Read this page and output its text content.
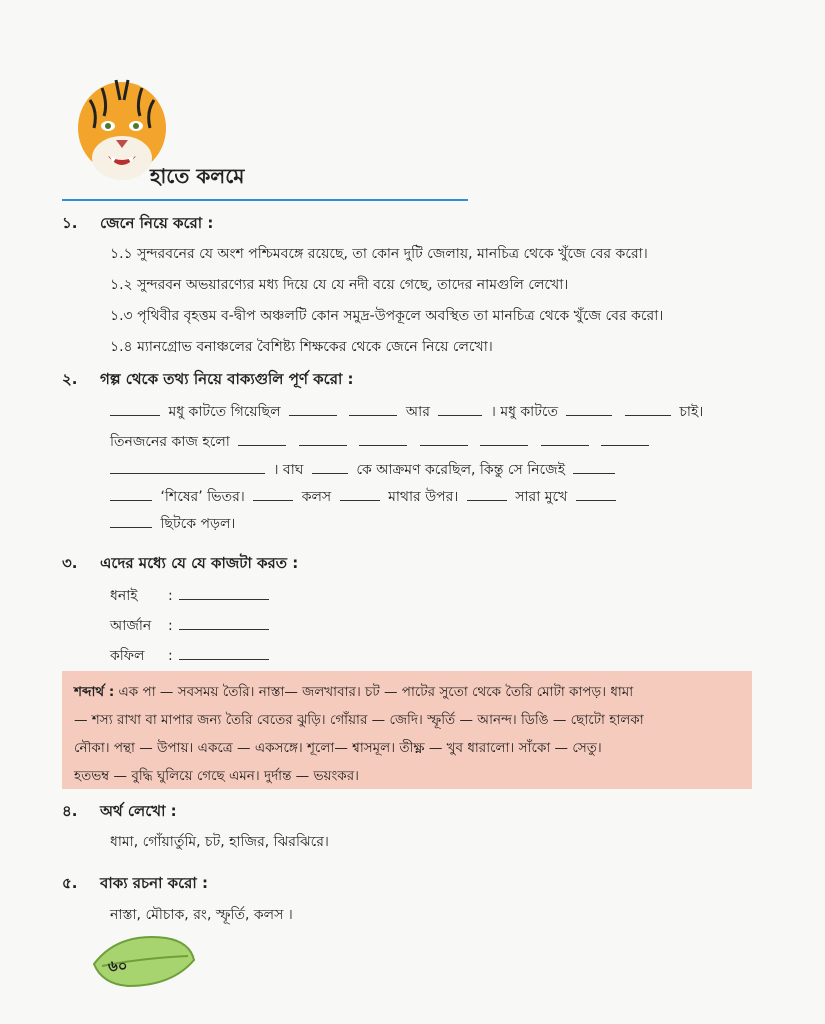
হাতে কলমে
১. জেনে নিয়ে করো :
১.১ সুন্দরবনের যে অংশ পশ্চিমবঙ্গে রয়েছে, তা কোন দুটি জেলায়, মানচিত্র থেকে খুঁজে বের করো।
১.২ সুন্দরবন অভয়ারণ্যের মধ্য দিয়ে যে যে নদী বয়ে গেছে, তাদের নামগুলি লেখো।
১.৩ পৃথিবীর বৃহত্তম ব-দ্বীপ অঞ্চলটি কোন সমুদ্র-উপকূলে অবস্থিত তা মানচিত্র থেকে খুঁজে বের করো।
১.৪ ম্যানগ্রোভ বনাঞ্চলের বৈশিষ্ট্য শিক্ষকের থেকে জেনে নিয়ে লেখো।
২. গল্প থেকে তথ্য নিয়ে বাক্যগুলি পূর্ণ করো :
মধু কাটতে গিয়েছিল	আর	। মধু কাটতে	চাই।
তিনজনের কাজ হলো
। বাঘ	কে আক্রমণ করেছিল, কিন্তু সে নিজেই
‘শিষের’ ভিতর।	কলস	মাথার উপর।	সারা মুখে
ছিটকে পড়ল।
৩. এদের মধ্যে যে যে কাজটা করত :
ধনাই :
আর্জান :
কফিল :
শব্দার্থ : এক পা — সবসময় তৈরি। নাস্তা— জলখাবার। চট — পাটের সুতো থেকে তৈরি মোটা কাপড়। ধামা
— শস্য রাখা বা মাপার জন্য তৈরি বেতের ঝুড়ি। গোঁয়ার — জেদি। স্ফূর্তি — আনন্দ। ডিঙি — ছোটো হালকা
নৌকা। পন্থা — উপায়। একত্রে — একসঙ্গে। শূলো— শ্বাসমূল। তীক্ষ্ণ — খুব ধারালো। সাঁকো — সেতু।
হতভম্ব — বুদ্ধি ঘুলিয়ে গেছে এমন। দুর্দান্ত — ভয়ংকর।
৪. অর্থ লেখো :
ধামা, গোঁয়ার্তুমি, চট, হাজির, ঝিরঝিরে।
৫. বাক্য রচনা করো :
নাস্তা, মৌচাক, রং, স্ফূর্তি, কলস ।
৬০
